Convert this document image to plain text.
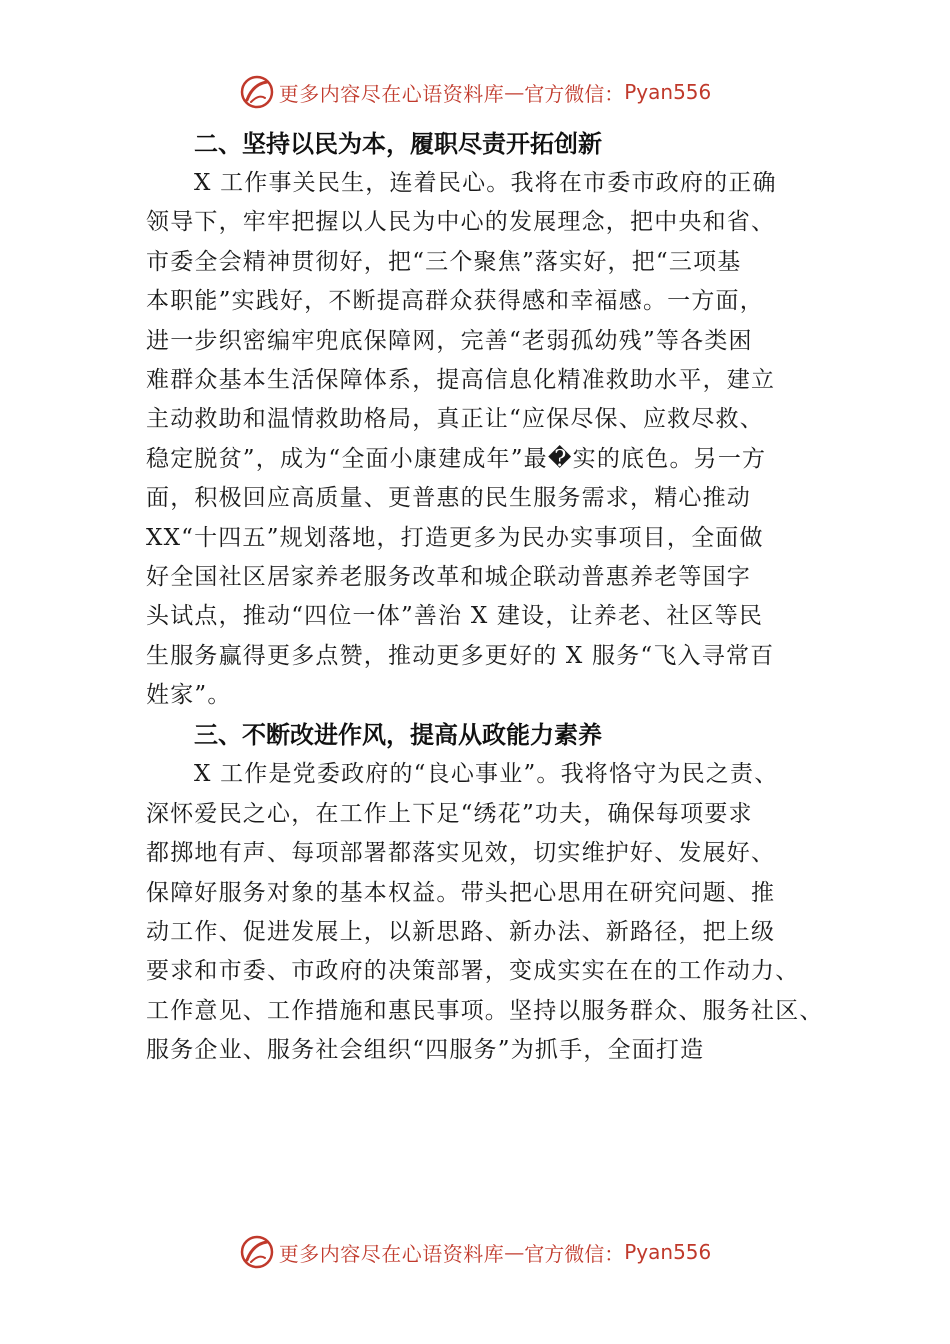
更多内容尽在心语资料库 — 官方微信： Pyan556
二、坚持以民为本，履职尽责开拓创新
X 工作事关民生，连着民心。我将在市委市政府的正确
领导下，牢牢把握以人民为中心的发展理念，把中央和省、
市委全会精神贯彻好，把“三个聚焦”落实好，把“三项基
本职能”实践好，不断提高群众获得感和幸福感。一方面，
进一步织密编牢兜底保障网，完善“老弱孤幼残”等各类困
难群众基本生活保障体系，提高信息化精准救助水平，建立
主动救助和温情救助格局，真正让“应保尽保、应救尽救、
稳定脱贫”，成为“全面小康建成年”最�实的底色。另一方
面，积极回应高质量、更普惠的民生服务需求，精心推动
XX“十四五”规划落地，打造更多为民办实事项目，全面做
好全国社区居家养老服务改革和城企联动普惠养老等国字
头试点，推动“四位一体”善治 X 建设，让养老、社区等民
生服务赢得更多点赞，推动更多更好的 X 服务“飞入寻常百
姓家”。
三、不断改进作风，提高从政能力素养
X 工作是党委政府的“良心事业”。我将恪守为民之责、
深怀爱民之心，在工作上下足“绣花”功夫，确保每项要求
都掷地有声、每项部署都落实见效，切实维护好、发展好、
保障好服务对象的基本权益。带头把心思用在研究问题、推
动工作、促进发展上，以新思路、新办法、新路径，把上级
要求和市委、市政府的决策部署，变成实实在在的工作动力、
工作意见、工作措施和惠民事项。坚持以服务群众、服务社区、
服务企业、服务社会组织“四服务”为抓手，全面打造
更多内容尽在心语资料库 — 官方微信： Pyan556
